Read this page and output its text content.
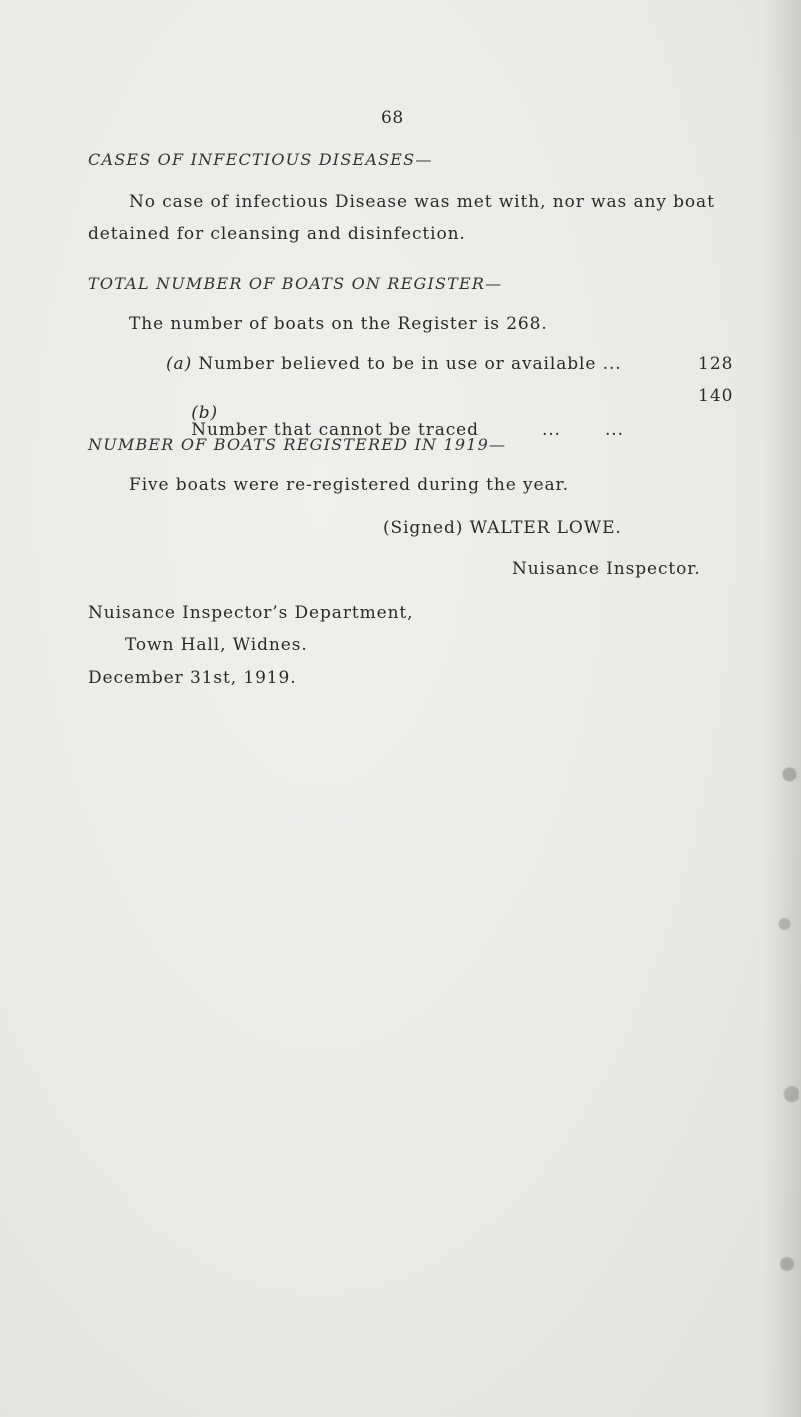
68
CASES OF INFECTIOUS DISEASES—
No case of infectious Disease was met with, nor was any boat
detained for cleansing and disinfection.
TOTAL NUMBER OF BOATS ON REGISTER—
The number of boats on the Register is 268.
(a) Number believed to be in use or available ...	128

(b)
Number that cannot be traced          ...       ...

140
NUMBER OF BOATS REGISTERED IN 1919—
Five boats were re-registered during the year.
(Signed) WALTER LOWE.
Nuisance Inspector.
Nuisance Inspector’s Department,
Town Hall, Widnes.
December 31st, 1919.
